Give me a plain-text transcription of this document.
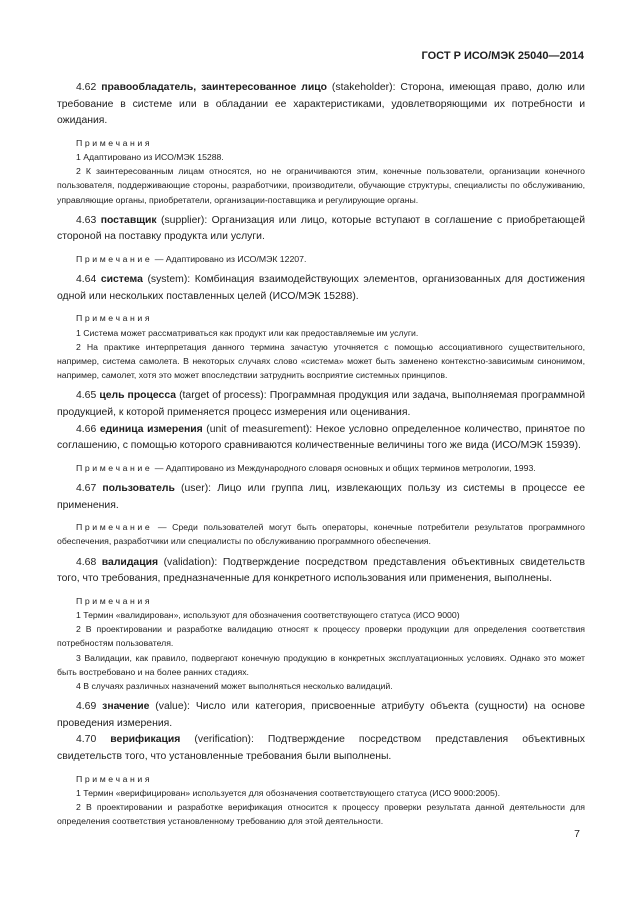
ГОСТ Р ИСО/МЭК 25040—2014

4.62 правообладатель, заинтересованное лицо (stakeholder): Сторона, имеющая право, долю или требование в системе или в обладании ее характеристиками, удовлетворяющими их потребности и ожидания.

Примечания

1 Адаптировано из ИСО/МЭК 15288.

2 К заинтересованным лицам относятся, но не ограничиваются этим, конечные пользователи, организации конечного пользователя, поддерживающие стороны, разработчики, производители, обучающие структуры, специалисты по обслуживанию, управляющие органы, приобретатели, организации-поставщика и регулирующие органы.

4.63 поставщик (supplier): Организация или лицо, которые вступают в соглашение с приобретающей стороной на поставку продукта или услуги.

Примечание — Адаптировано из ИСО/МЭК 12207.

4.64 система (system): Комбинация взаимодействующих элементов, организованных для достижения одной или нескольких поставленных целей (ИСО/МЭК 15288).

Примечания

1 Система может рассматриваться как продукт или как предоставляемые им услуги.

2 На практике интерпретация данного термина зачастую уточняется с помощью ассоциативного существительного, например, система самолета. В некоторых случаях слово «система» может быть заменено контекстно-зависимым синонимом, например, самолет, хотя это может впоследствии затруднить восприятие системных принципов.

4.65 цель процесса (target of process): Программная продукция или задача, выполняемая программной продукцией, к которой применяется процесс измерения или оценивания.

4.66 единица измерения (unit of measurement): Некое условно определенное количество, принятое по соглашению, с помощью которого сравниваются количественные величины того же вида (ИСО/МЭК 15939).

Примечание — Адаптировано из Международного словаря основных и общих терминов метрологии, 1993.

4.67 пользователь (user): Лицо или группа лиц, извлекающих пользу из системы в процессе ее применения.

Примечание — Среди пользователей могут быть операторы, конечные потребители результатов программного обеспечения, разработчики или специалисты по обслуживанию программного обеспечения.

4.68 валидация (validation): Подтверждение посредством представления объективных свидетельств того, что требования, предназначенные для конкретного использования или применения, выполнены.

Примечания

1 Термин «валидирован», используют для обозначения соответствующего статуса (ИСО 9000)

2 В проектировании и разработке валидацию относят к процессу проверки продукции для определения соответствия потребностям пользователя.

3 Валидации, как правило, подвергают конечную продукцию в конкретных эксплуатационных условиях. Однако это может быть востребовано и на более ранних стадиях.

4 В случаях различных назначений может выполняться несколько валидаций.

4.69 значение (value): Число или категория, присвоенные атрибуту объекта (сущности) на основе проведения измерения.

4.70 верификация (verification): Подтверждение посредством представления объективных свидетельств того, что установленные требования были выполнены.

Примечания

1 Термин «верифицирован» используется для обозначения соответствующего статуса (ИСО 9000:2005).

2 В проектировании и разработке верификация относится к процессу проверки результата данной деятельности для определения соответствия установленному требованию для этой деятельности.

7
